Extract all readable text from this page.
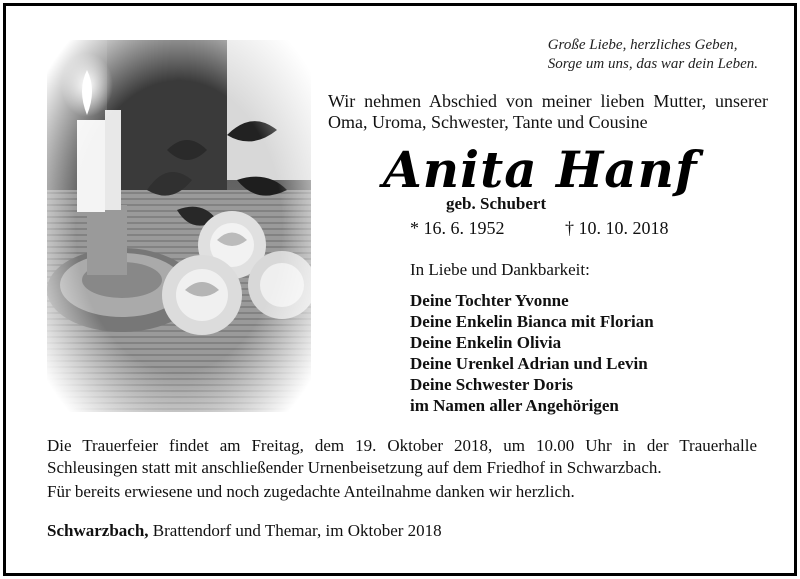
Große Liebe, herzliches Geben,
Sorge um uns, das war dein Leben.
Wir nehmen Abschied von meiner lieben Mutter, unserer
Oma, Uroma, Schwester, Tante und Cousine
Anita Hanf
geb. Schubert
* 16. 6. 1952	† 10. 10. 2018
In Liebe und Dankbarkeit:
Deine Tochter Yvonne
Deine Enkelin Bianca mit Florian
Deine Enkelin Olivia
Deine Urenkel Adrian und Levin
Deine Schwester Doris
im Namen aller Angehörigen
Die Trauerfeier findet am Freitag, dem 19. Oktober 2018, um 10.00 Uhr in der Trauerhalle
Schleusingen statt mit anschließender Urnenbeisetzung auf dem Friedhof in Schwarzbach.
Für bereits erwiesene und noch zugedachte Anteilnahme danken wir herzlich.
Schwarzbach, Brattendorf und Themar, im Oktober 2018
